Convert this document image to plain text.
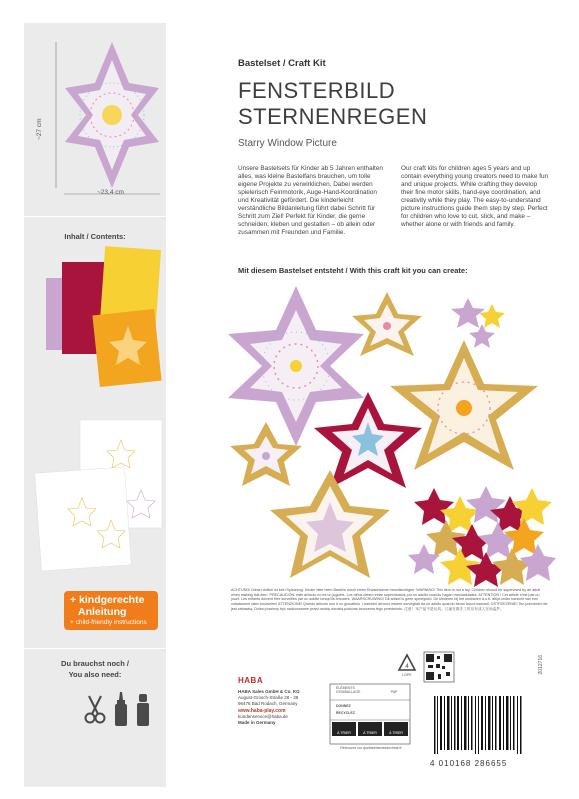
~27 cm
~23,4 cm
Inhalt / Contents:
+ kindgerechte
Anleitung
+ child-friendly instructions
Du brauchst noch /
You also need:
Bastelset / Craft Kit
FENSTERBILD
STERNENREGEN
Starry Window Picture
Unsere Bastelsets für Kinder ab 5 Jahren enthalten alles, was kleine Bastelfans brauchen, um tolle eigene Projekte zu verwirklichen. Dabei werden spielerisch Feinmotorik, Auge-Hand-Koordination und Kreativität gefördert. Die kinderleicht verständliche Bildanleitung führt dabei Schritt für Schritt zum Ziel! Perfekt für Kinder, die gerne schneiden, kleben und gestalten – ob allein oder zusammen mit Freunden und Familie.
Our craft kits for children ages 5 years and up contain everything young creators need to make fun and unique projects. While crafting they develop their fine motor skills, hand-eye coordination, and creativity while they play. The easy-to-understand picture instructions guide them step by step. Perfect for children who love to cut, stick, and make – whether alone or with friends and family.
Mit diesem Bastelset entsteht / With this craft kit you can create:
ACHTUNG! Dieser Artikel ist kein Spielzeug. Kinder bitte beim Basteln durch einen Erwachsenen beaufsichtigen. WARNING! This item is not a toy. Children should be supervised by an adult when making this item. PRECAUCIÓN: este artículo no es un juguete. Los niños deben estar supervisados por un adulto cuando hagan manualidades. ATTENTION ! Cet article n'est pas un jouet. Les enfants doivent être surveillés par un adulte lorsqu'ils bricolent. WAARSCHUWING! Dit artikel is geen speelgoed. De kinderen bij het knutselen a.u.b. altijd onder toezicht van een volwassene laten knutselen! ATTENZIONE! Questo articolo non è un giocattolo. I bambini devono essere sorvegliati da un adulto quando fanno lavori manuali. OSTRZEŻENIE! Ten przedmiot nie jest zabawką. Dzieci powinny być nadzorowane przez osobę dorosłą podczas tworzenia tego przedmiotu. 注意！本产品不是玩具。儿童在做手工时应有成人在场监护。
HABA
HABA Sales GmbH & Co. KG
August-Grosch-Straße 28 - 38
96476 Bad Rodach, Germany
www.haba-play.com
kundenservice@haba.de
Made in Germany
4
LDPE
ÉLÉMENTS D'EMBALLAGE	PAP
DONNEZ
RECYCLEZ
À TRIER	À TRIER	À TRIER
Retrouvez sur quefairedemesdechets.fr
4 010168 286655
2012716
